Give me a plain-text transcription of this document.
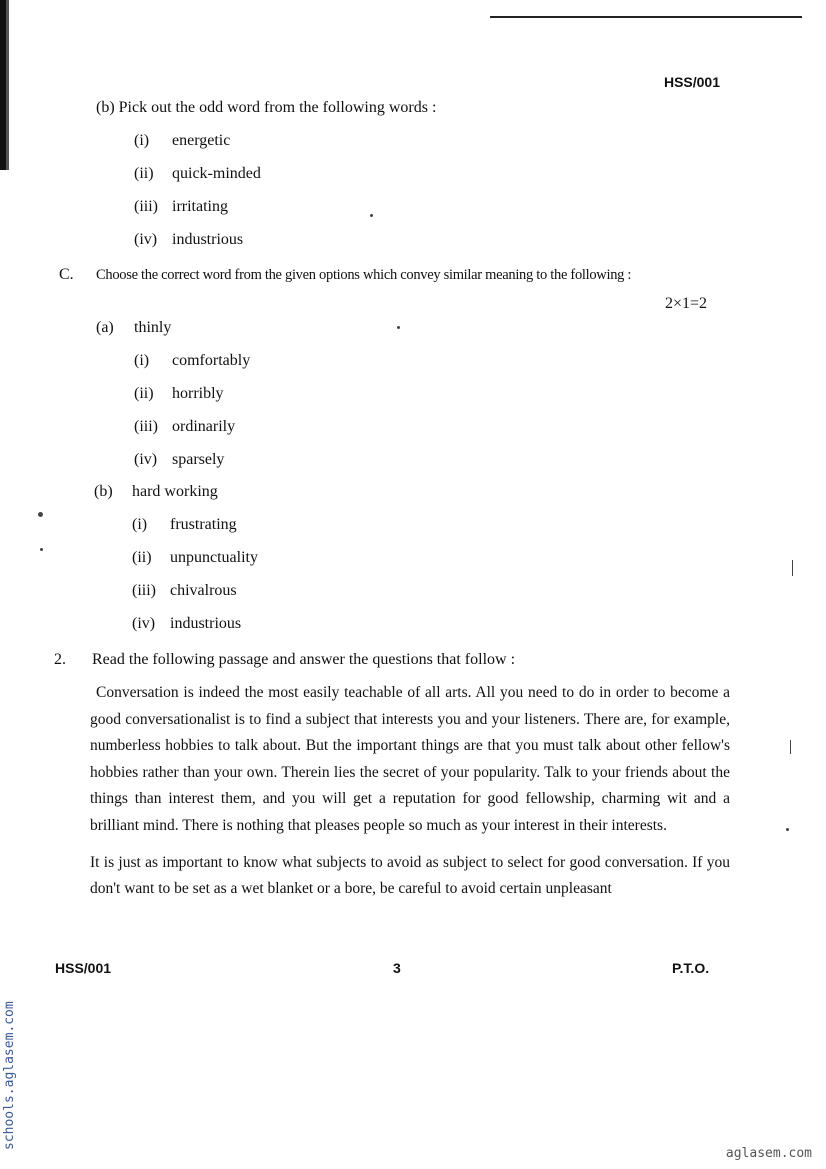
HSS/001
(b) Pick out the odd word from the following words :
(i) energetic
(ii) quick-minded
(iii) irritating
(iv) industrious
C. Choose the correct word from the given options which convey similar meaning to the following :
2×1=2
(a) thinly
(i) comfortably
(ii) horribly
(iii) ordinarily
(iv) sparsely
(b) hard working
(i) frustrating
(ii) unpunctuality
(iii) chivalrous
(iv) industrious
2. Read the following passage and answer the questions that follow :

Conversation is indeed the most easily teachable of all arts. All you need to do in order to become a good conversationalist is to find a subject that interests you and your listeners. There are, for example, numberless hobbies to talk about. But the important things are that you must talk about other fellow's hobbies rather than your own. Therein lies the secret of your popularity. Talk to your friends about the things than interest them, and you will get a reputation for good fellowship, charming wit and a brilliant mind. There is nothing that pleases people so much as your interest in their interests.

It is just as important to know what subjects to avoid as subject to select for good conversation. If you don't want to be set as a wet blanket or a bore, be careful to avoid certain unpleasant

HSS/001	3	P.T.O.
schools.aglasem.com
aglasem.com
